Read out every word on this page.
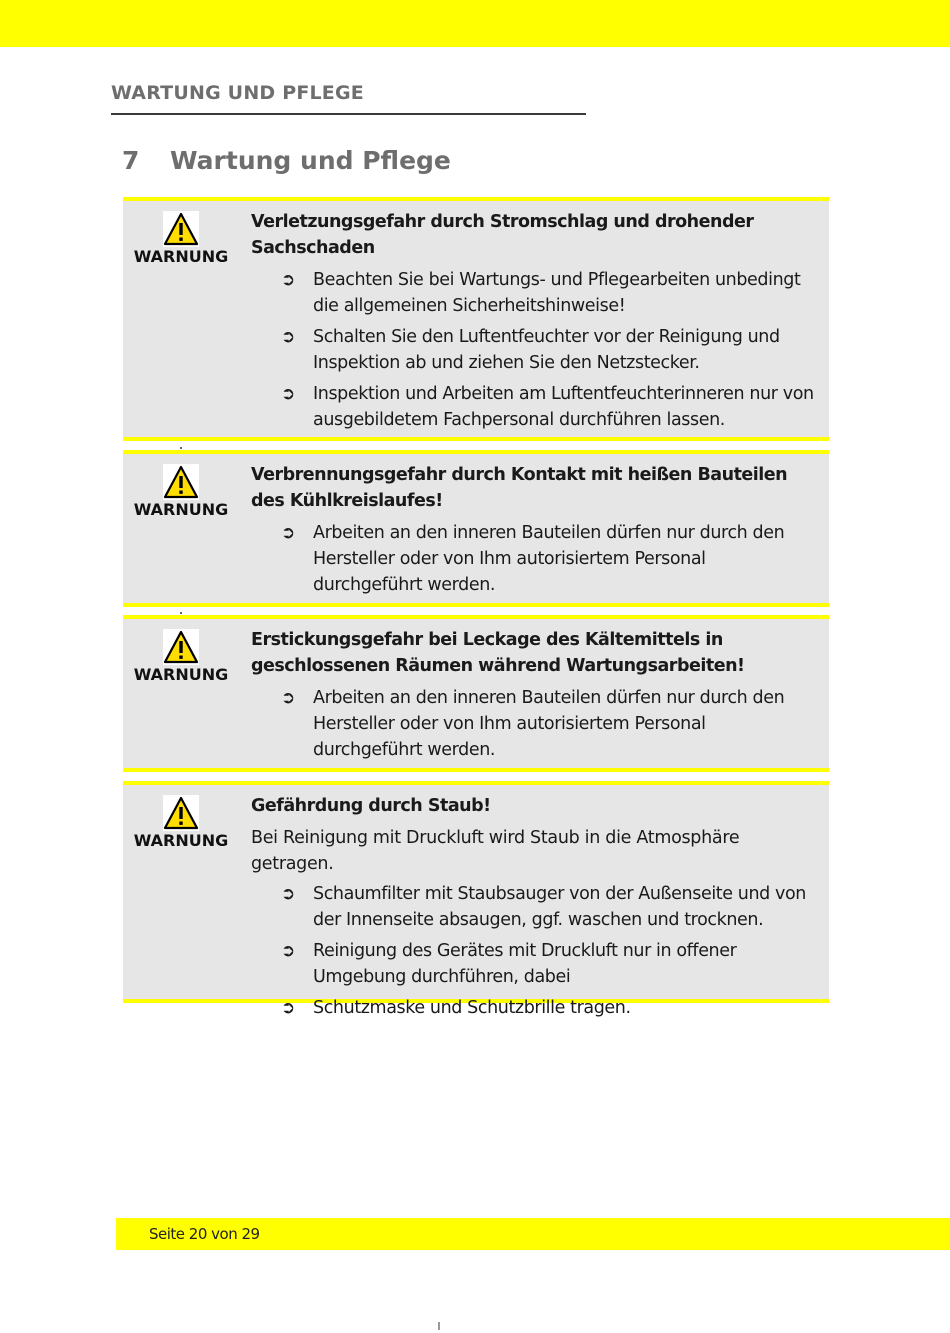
WARTUNG UND PFLEGE
7 Wartung und Pflege
WARNUNG

Verletzungsgefahr durch Stromschlag und drohender Sachschaden

➲ Beachten Sie bei Wartungs- und Pflegearbeiten unbedingt die allgemeinen Sicherheitshinweise!
➲ Schalten Sie den Luftentfeuchter vor der Reinigung und Inspektion ab und ziehen Sie den Netzstecker.
➲ Inspektion und Arbeiten am Luftentfeuchterinneren nur von ausgebildetem Fachpersonal durchführen lassen.
WARNUNG

Verbrennungsgefahr durch Kontakt mit heißen Bauteilen des Kühlkreislaufes!

➲ Arbeiten an den inneren Bauteilen dürfen nur durch den Hersteller oder von Ihm autorisiertem Personal durchgeführt werden.
WARNUNG

Erstickungsgefahr bei Leckage des Kältemittels in geschlossenen Räumen während Wartungsarbeiten!

➲ Arbeiten an den inneren Bauteilen dürfen nur durch den Hersteller oder von Ihm autorisiertem Personal durchgeführt werden.
WARNUNG

Gefährdung durch Staub!

Bei Reinigung mit Druckluft wird Staub in die Atmosphäre getragen.

➲ Schaumfilter mit Staubsauger von der Außenseite und von der Innenseite absaugen, ggf. waschen und trocknen.
➲ Reinigung des Gerätes mit Druckluft nur in offener Umgebung durchführen, dabei
➲ Schutzmaske und Schutzbrille tragen.
Seite 20 von 29
